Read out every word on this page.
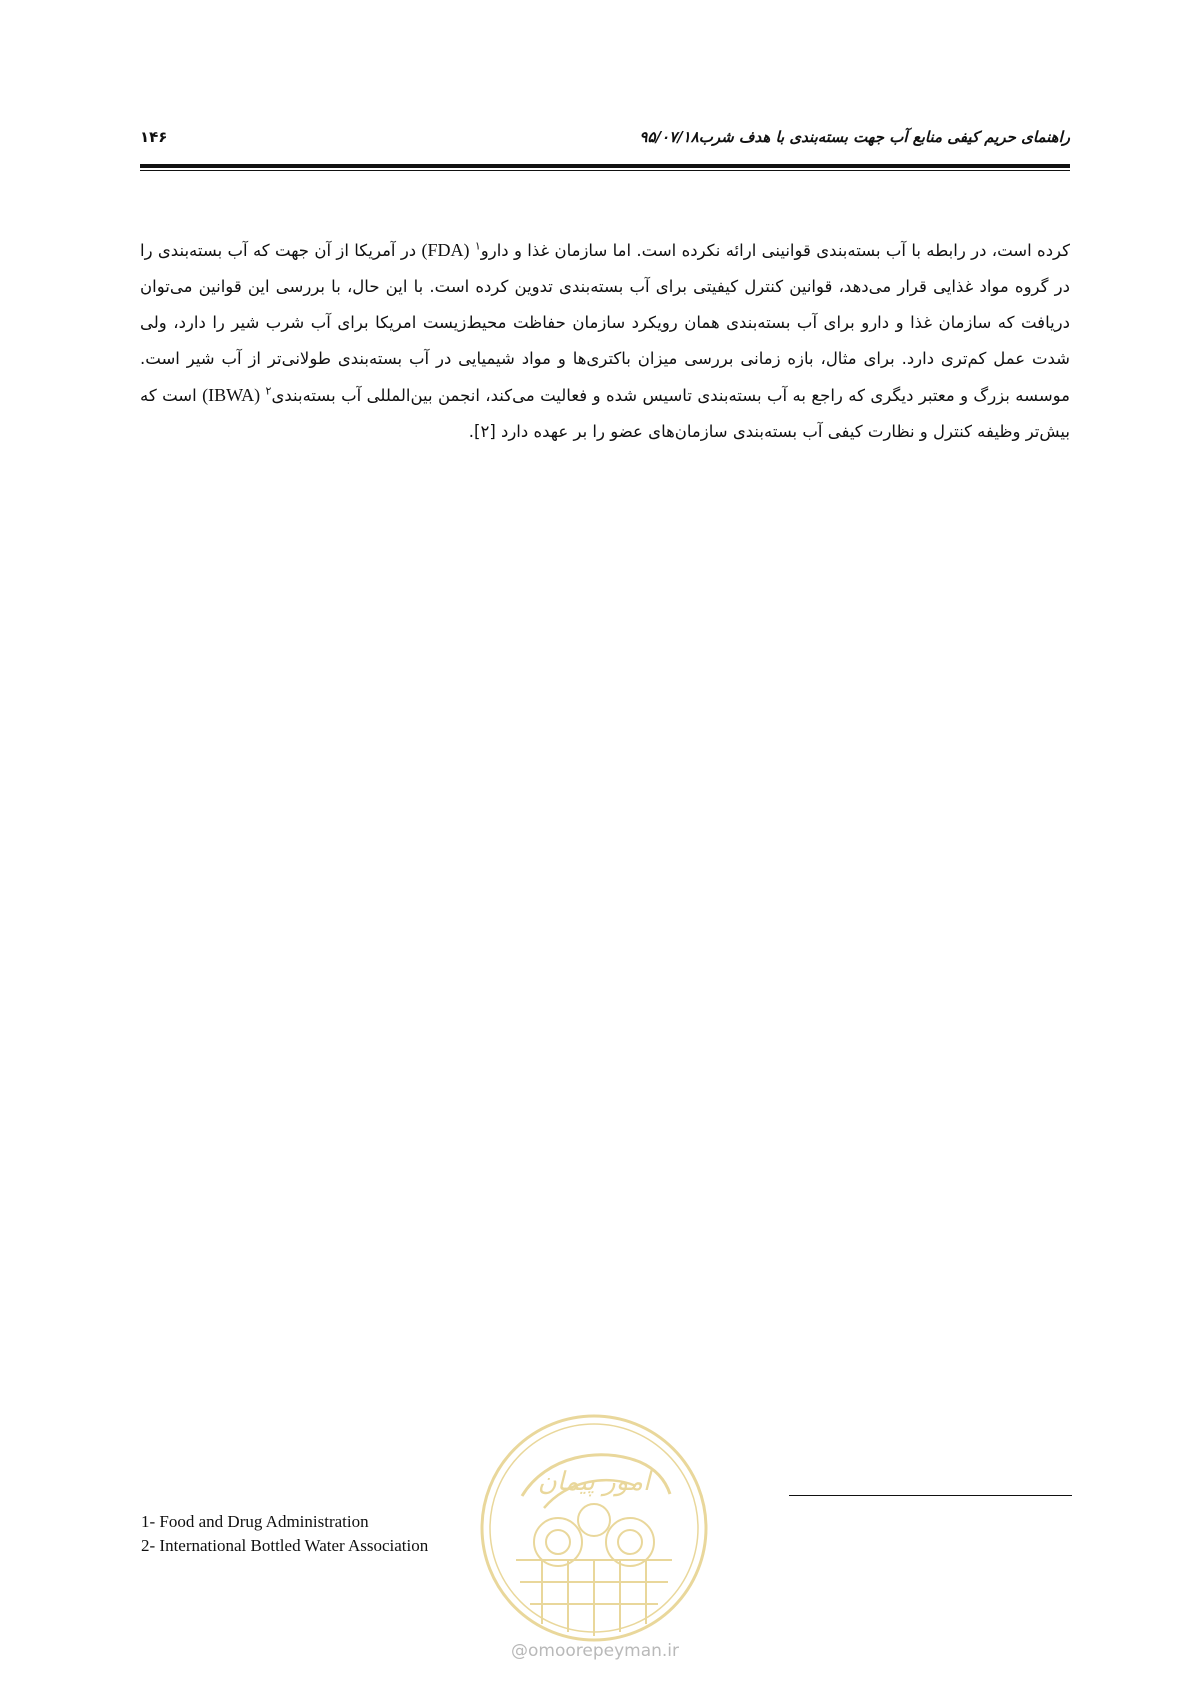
۱۴۶	راهنمای حریم کیفی منابع آب جهت بسته‌بندی با هدف شرب۹۵/۰۷/۱۸

کرده است، در رابطه با آب بسته‌بندی قوانینی ارائه نکرده است. اما سازمان غذا و دارو$^۱$ (FDA) در آمریکا از آن جهت که آب بسته‌بندی را در گروه مواد غذایی قرار می‌دهد، قوانین کنترل کیفیتی برای آب بسته‌بندی تدوین کرده است. با این حال، با بررسی این قوانین می‌توان دریافت که سازمان غذا و دارو برای آب بسته‌بندی همان رویکرد سازمان حفاظت محیط‌زیست امریکا برای آب شرب شیر را دارد، ولی شدت عمل کم‌تری دارد. برای مثال، بازه زمانی بررسی میزان باکتری‌ها و مواد شیمیایی در آب بسته‌بندی طولانی‌تر از آب شیر است. موسسه بزرگ و معتبر دیگری که راجع به آب بسته‌بندی تاسیس شده و فعالیت می‌کند، انجمن بین‌المللی آب بسته‌بندی$^۲$ (IBWA) است که بیش‌تر وظیفه کنترل و نظارت کیفی آب بسته‌بندی سازمان‌های عضو را بر عهده دارد [۲].

1- Food and Drug Administration
2- International Bottled Water Association
امور پیمان
@omoorepeyman.ir
